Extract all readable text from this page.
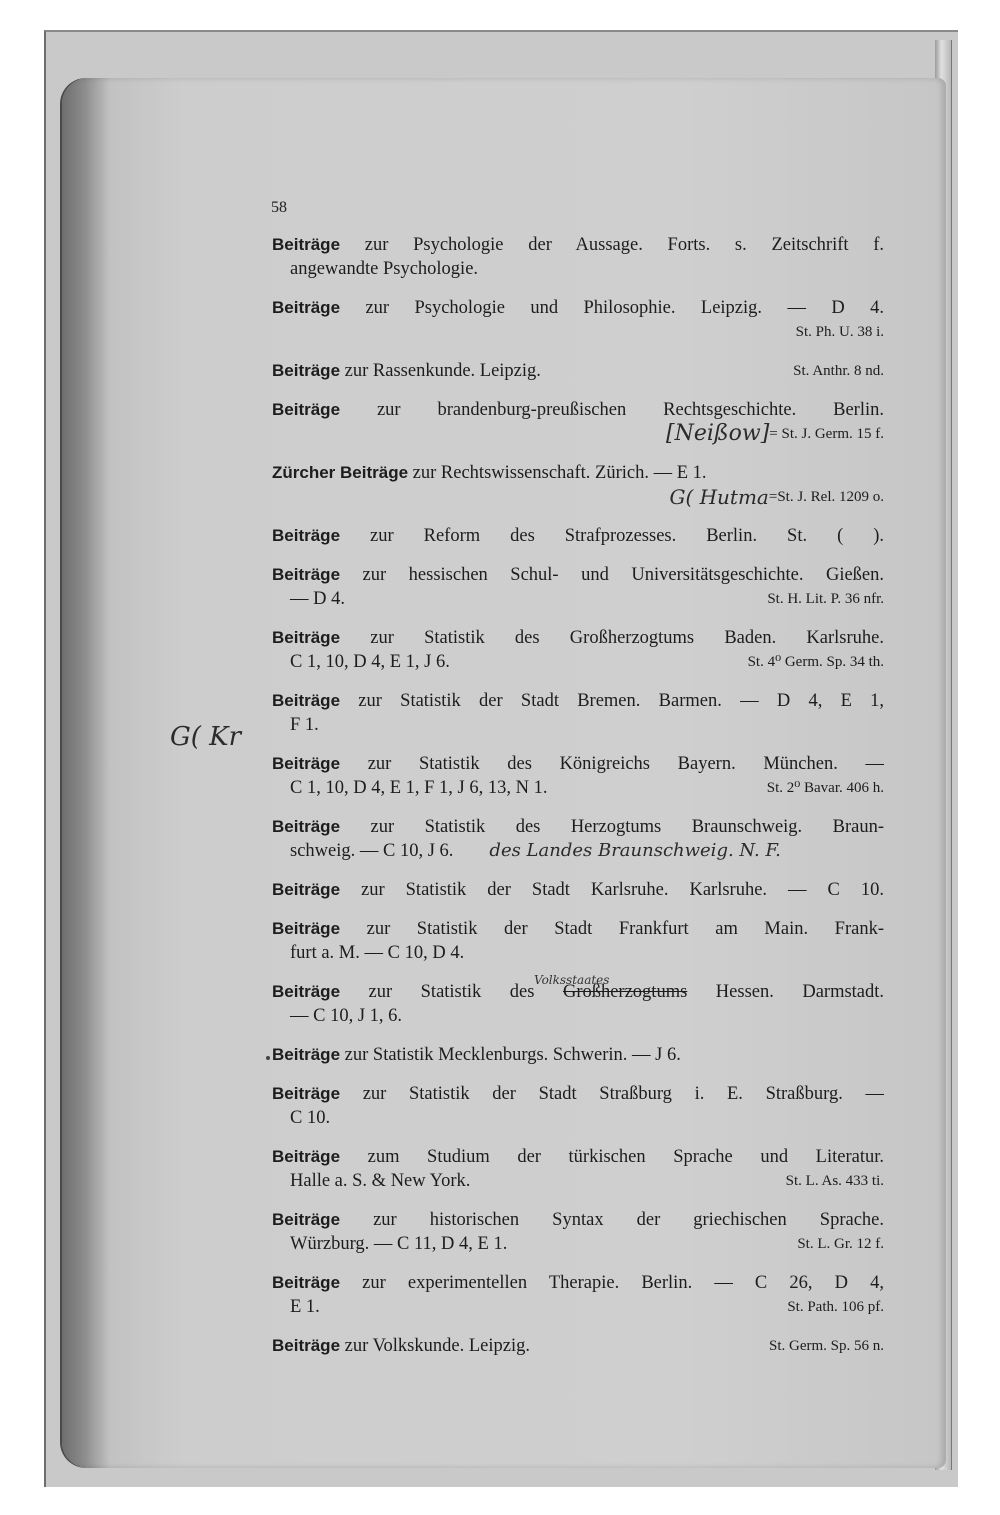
58
G( Kr
Beiträge zur Psychologie der Aussage. Forts. s. Zeitschrift f.
angewandte Psychologie.
Beiträge zur Psychologie und Philosophie. Leipzig. — D 4.
St. Ph. U. 38 i.
Beiträge zur Rassenkunde. Leipzig.	St. Anthr. 8 nd.
Beiträge zur brandenburg-preußischen Rechtsgeschichte. Berlin.
[Neißow] = St. J. Germ. 15 f.
Zürcher Beiträge zur Rechtswissenschaft. Zürich. — E 1.
G( Hutma =St. J. Rel. 1209 o.
Beiträge zur Reform des Strafprozesses. Berlin. St. ( ).
Beiträge zur hessischen Schul- und Universitätsgeschichte. Gießen.
— D 4.	St. H. Lit. P. 36 nfr.
Beiträge zur Statistik des Großherzogtums Baden. Karlsruhe.
C 1, 10, D 4, E 1, J 6.	St. 4⁰ Germ. Sp. 34 th.
Beiträge zur Statistik der Stadt Bremen. Barmen. — D 4, E 1,
F 1.
Beiträge zur Statistik des Königreichs Bayern. München. —
C 1, 10, D 4, E 1, F 1, J 6, 13, N 1.	St. 2⁰ Bavar. 406 h.
Beiträge zur Statistik des Herzogtums Braunschweig. Braun-
schweig. — C 10, J 6. des Landes Braunschweig. N. F.
Beiträge zur Statistik der Stadt Karlsruhe. Karlsruhe. — C 10.
Beiträge zur Statistik der Stadt Frankfurt am Main. Frank-
furt a. M. — C 10, D 4.
Volksstaates
Beiträge zur Statistik des Großherzogtums Hessen. Darmstadt.
— C 10, J 1, 6.
Beiträge zur Statistik Mecklenburgs. Schwerin. — J 6.
Beiträge zur Statistik der Stadt Straßburg i. E. Straßburg. —
C 10.
Beiträge zum Studium der türkischen Sprache und Literatur.
Halle a. S. & New York.	St. L. As. 433 ti.
Beiträge zur historischen Syntax der griechischen Sprache.
Würzburg. — C 11, D 4, E 1.	St. L. Gr. 12 f.
Beiträge zur experimentellen Therapie. Berlin. — C 26, D 4,
E 1.	St. Path. 106 pf.
Beiträge zur Volkskunde. Leipzig.	St. Germ. Sp. 56 n.
